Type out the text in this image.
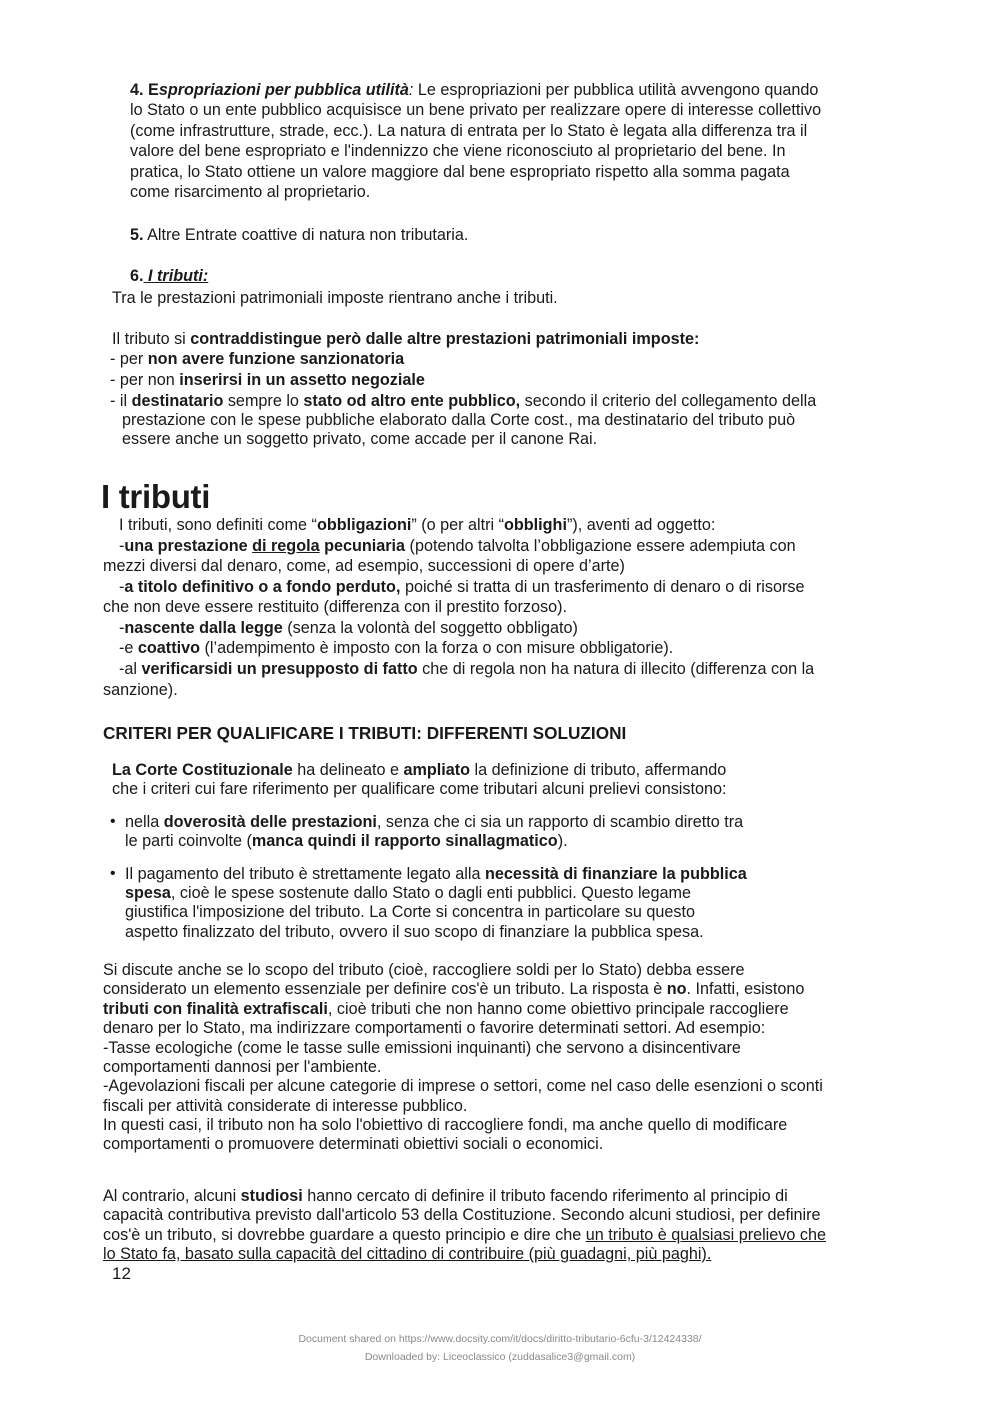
4. Espropriazioni per pubblica utilità: Le espropriazioni per pubblica utilità avvengono quando
lo Stato o un ente pubblico acquisisce un bene privato per realizzare opere di interesse collettivo
(come infrastrutture, strade, ecc.). La natura di entrata per lo Stato è legata alla differenza tra il
valore del bene espropriato e l'indennizzo che viene riconosciuto al proprietario del bene. In
pratica, lo Stato ottiene un valore maggiore dal bene espropriato rispetto alla somma pagata
come risarcimento al proprietario.
5. Altre Entrate coattive di natura non tributaria.
6. I tributi:
Tra le prestazioni patrimoniali imposte rientrano anche i tributi.
Il tributo si contraddistingue però dalle altre prestazioni patrimoniali imposte:
- per non avere funzione sanzionatoria
- per non inserirsi in un assetto negoziale
- il destinatario sempre lo stato od altro ente pubblico, secondo il criterio del collegamento della
prestazione con le spese pubbliche elaborato dalla Corte cost., ma destinatario del tributo può
essere anche un soggetto privato, come accade per il canone Rai.
I tributi
I tributi, sono definiti come “obbligazioni” (o per altri “obblighi”), aventi ad oggetto:
-una prestazione di regola pecuniaria (potendo talvolta l’obbligazione essere adempiuta con
mezzi diversi dal denaro, come, ad esempio, successioni di opere d’arte)
-a titolo definitivo o a fondo perduto, poiché si tratta di un trasferimento di denaro o di risorse
che non deve essere restituito (differenza con il prestito forzoso).
-nascente dalla legge (senza la volontà del soggetto obbligato)
-e coattivo (l’adempimento è imposto con la forza o con misure obbligatorie).
-al verificarsidi un presupposto di fatto che di regola non ha natura di illecito (differenza con la
sanzione).
CRITERI PER QUALIFICARE I TRIBUTI: DIFFERENTI SOLUZIONI
La Corte Costituzionale ha delineato e ampliato la definizione di tributo, affermando
che i criteri cui fare riferimento per qualificare come tributari alcuni prelievi consistono:
• nella doverosità delle prestazioni, senza che ci sia un rapporto di scambio diretto tra
le parti coinvolte (manca quindi il rapporto sinallagmatico).
• Il pagamento del tributo è strettamente legato alla necessità di finanziare la pubblica
spesa, cioè le spese sostenute dallo Stato o dagli enti pubblici. Questo legame
giustifica l'imposizione del tributo. La Corte si concentra in particolare su questo
aspetto finalizzato del tributo, ovvero il suo scopo di finanziare la pubblica spesa.
Si discute anche se lo scopo del tributo (cioè, raccogliere soldi per lo Stato) debba essere
considerato un elemento essenziale per definire cos'è un tributo. La risposta è no. Infatti, esistono
tributi con finalità extrafiscali, cioè tributi che non hanno come obiettivo principale raccogliere
denaro per lo Stato, ma indirizzare comportamenti o favorire determinati settori. Ad esempio:
-Tasse ecologiche (come le tasse sulle emissioni inquinanti) che servono a disincentivare
comportamenti dannosi per l'ambiente.
-Agevolazioni fiscali per alcune categorie di imprese o settori, come nel caso delle esenzioni o sconti
fiscali per attività considerate di interesse pubblico.
In questi casi, il tributo non ha solo l'obiettivo di raccogliere fondi, ma anche quello di modificare
comportamenti o promuovere determinati obiettivi sociali o economici.
Al contrario, alcuni studiosi hanno cercato di definire il tributo facendo riferimento al principio di
capacità contributiva previsto dall'articolo 53 della Costituzione. Secondo alcuni studiosi, per definire
cos'è un tributo, si dovrebbe guardare a questo principio e dire che un tributo è qualsiasi prelievo che
lo Stato fa, basato sulla capacità del cittadino di contribuire (più guadagni, più paghi).
12
Document shared on https://www.docsity.com/it/docs/diritto-tributario-6cfu-3/12424338/
Downloaded by: Liceoclassico (zuddasalice3@gmail.com)
